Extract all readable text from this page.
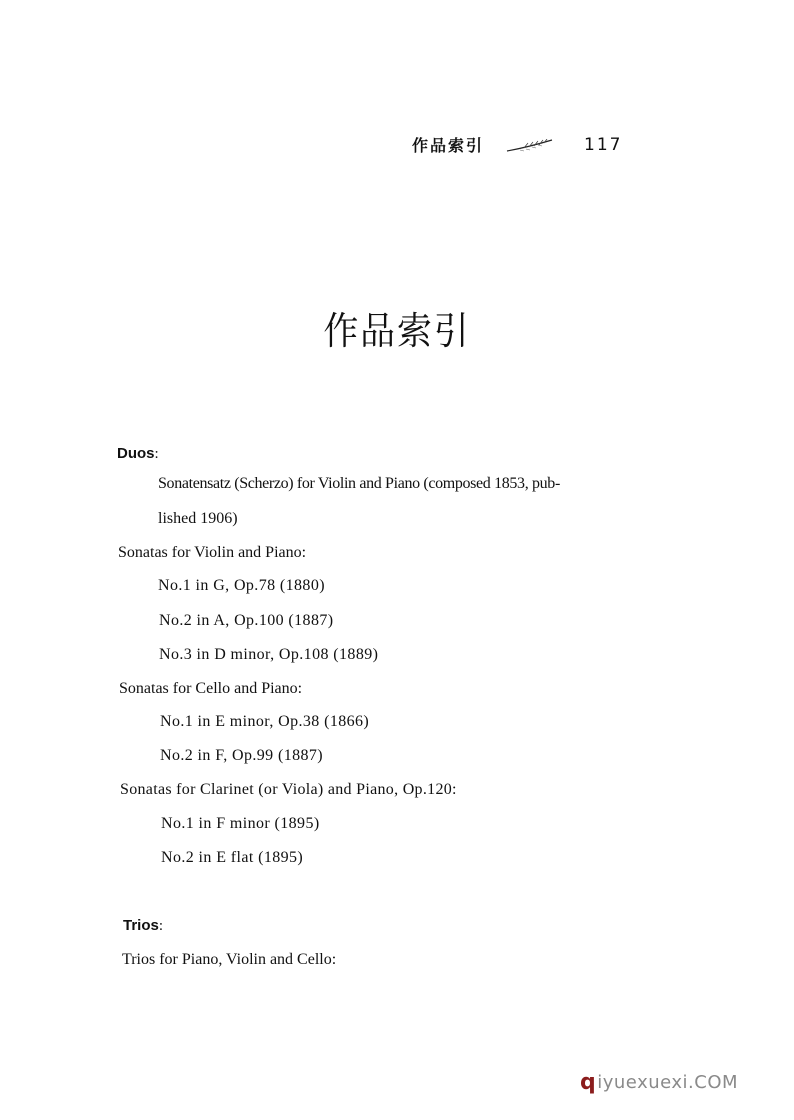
作品索引	117
作品索引
Duos:
Sonatensatz (Scherzo) for Violin and Piano (composed 1853, pub-
lished 1906)
Sonatas for Violin and Piano:
No.1 in G, Op.78 (1880)
No.2 in A, Op.100 (1887)
No.3 in D minor, Op.108 (1889)
Sonatas for Cello and Piano:
No.1 in E minor, Op.38 (1866)
No.2 in F, Op.99 (1887)
Sonatas for Clarinet (or Viola) and Piano, Op.120:
No.1 in F minor (1895)
No.2 in E flat (1895)
Trios:
Trios for Piano, Violin and Cello:
q iyuexuexi.COM
